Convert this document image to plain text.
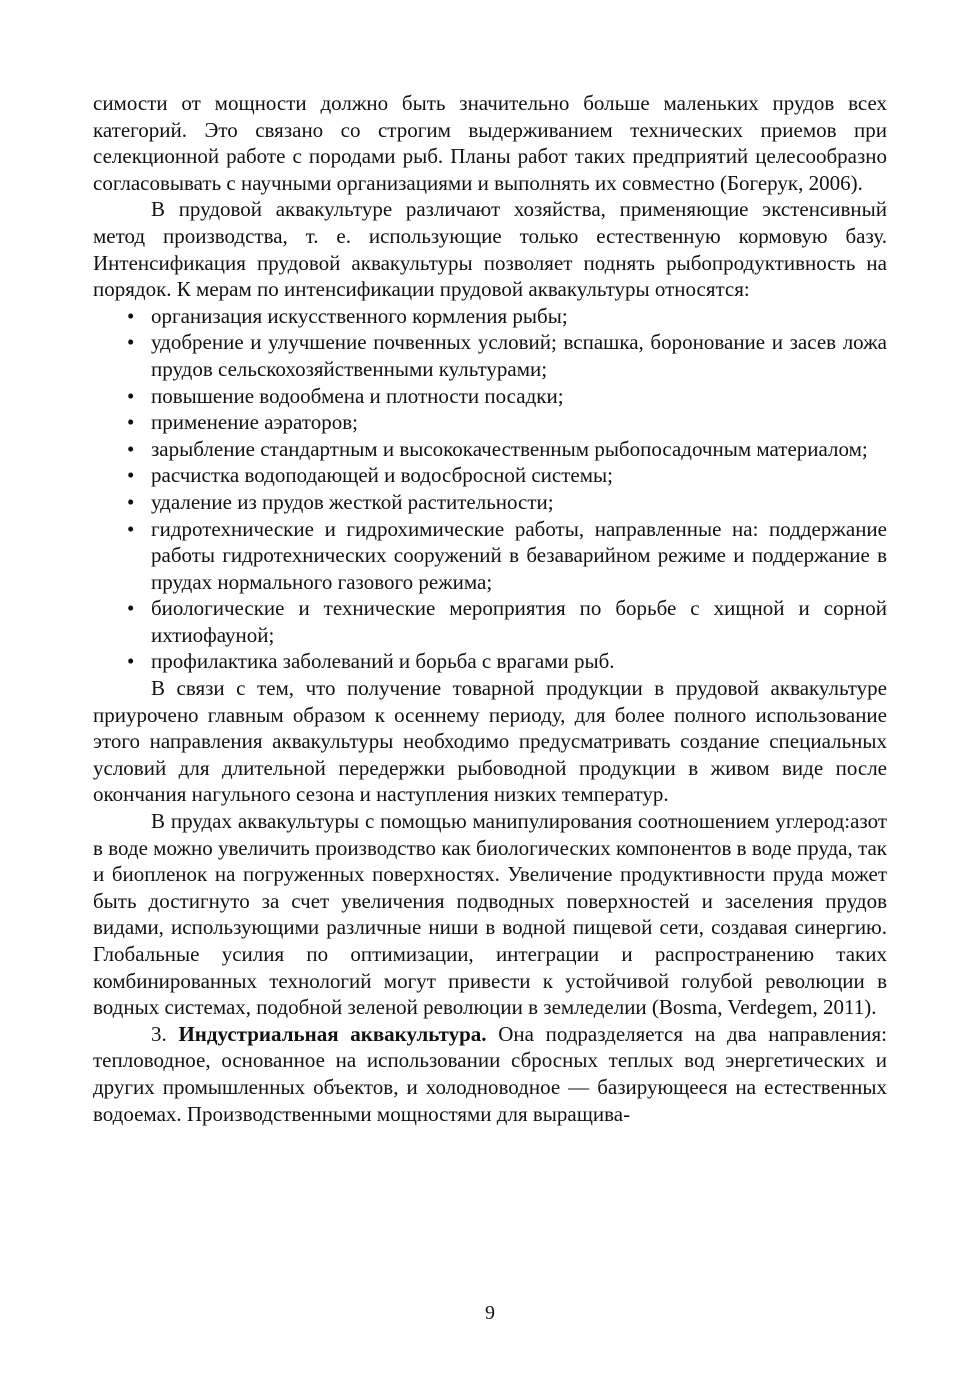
симости от мощности должно быть значительно больше маленьких прудов всех категорий. Это связано со строгим выдерживанием технических приемов при селекционной работе с породами рыб. Планы работ таких предприятий целесообразно согласовывать с научными организациями и выполнять их совместно (Богерук, 2006).

В прудовой аквакультуре различают хозяйства, применяющие экстенсивный метод производства, т. е. использующие только естественную кормовую базу. Интенсификация прудовой аквакультуры позволяет поднять рыбопродуктивность на порядок. К мерам по интенсификации прудовой аквакультуры относятся:

• организация искусственного кормления рыбы;
• удобрение и улучшение почвенных условий; вспашка, боронование и засев ложа прудов сельскохозяйственными культурами;
• повышение водообмена и плотности посадки;
• применение аэраторов;
• зарыбление стандартным и высококачественным рыбопосадочным материалом;
• расчистка водоподающей и водосбросной системы;
• удаление из прудов жесткой растительности;
• гидротехнические и гидрохимические работы, направленные на: поддержание работы гидротехнических сооружений в безаварийном режиме и поддержание в прудах нормального газового режима;
• биологические и технические мероприятия по борьбе с хищной и сорной ихтиофауной;
• профилактика заболеваний и борьба с врагами рыб.

В связи с тем, что получение товарной продукции в прудовой аквакультуре приурочено главным образом к осеннему периоду, для более полного использование этого направления аквакультуры необходимо предусматривать создание специальных условий для длительной передержки рыбоводной продукции в живом виде после окончания нагульного сезона и наступления низких температур.

В прудах аквакультуры с помощью манипулирования соотношением углерод:азот в воде можно увеличить производство как биологических компонентов в воде пруда, так и биопленок на погруженных поверхностях. Увеличение продуктивности пруда может быть достигнуто за счет увеличения подводных поверхностей и заселения прудов видами, использующими различные ниши в водной пищевой сети, создавая синергию. Глобальные усилия по оптимизации, интеграции и распространению таких комбинированных технологий могут привести к устойчивой голубой революции в водных системах, подобной зеленой революции в земледелии (Bosma, Verdegem, 2011).

3. Индустриальная аквакультура. Она подразделяется на два направления: тепловодное, основанное на использовании сбросных теплых вод энергетических и других промышленных объектов, и холодноводное — базирующееся на естественных водоемах. Производственными мощностями для выращива-

9
